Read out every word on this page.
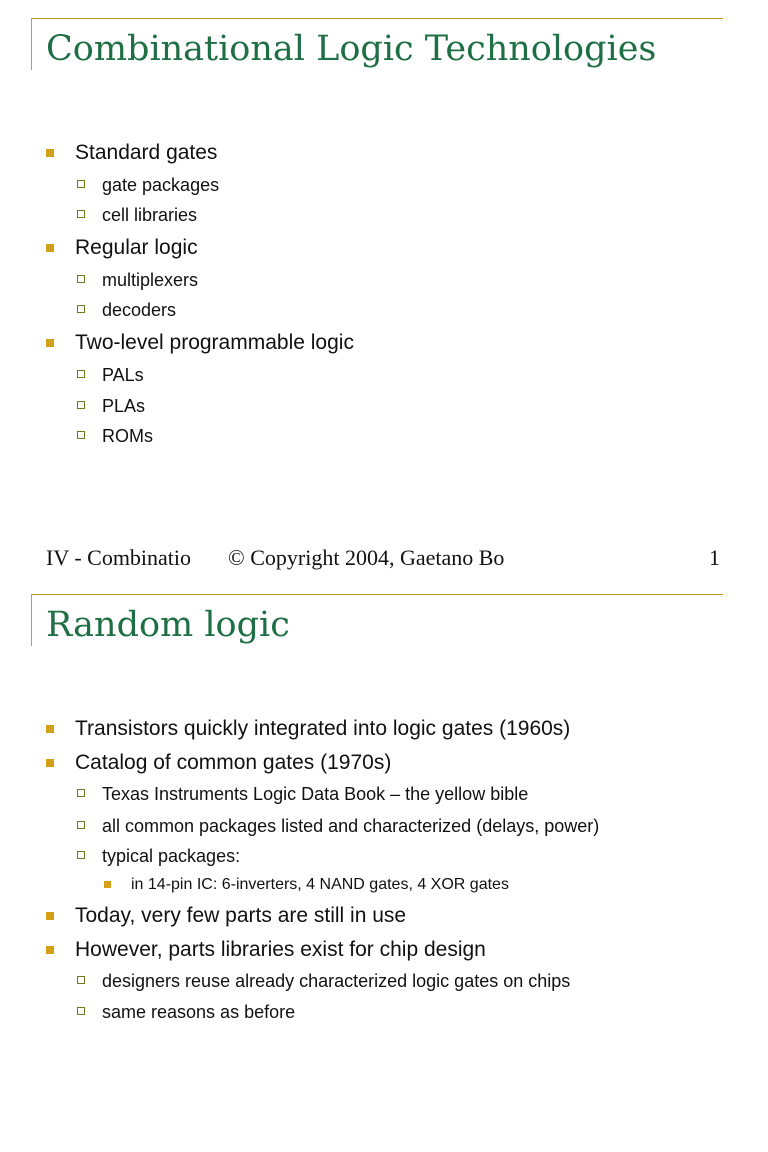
Combinational Logic Technologies
Standard gates
gate packages
cell libraries
Regular logic
multiplexers
decoders
Two-level programmable logic
PALs
PLAs
ROMs
IV - Combinatio © Copyright 2004, Gaetano Bo	1
Random logic
Transistors quickly integrated into logic gates (1960s)
Catalog of common gates (1970s)
Texas Instruments Logic Data Book – the yellow bible
all common packages listed and characterized (delays, power)
typical packages:
in 14-pin IC: 6-inverters, 4 NAND gates, 4 XOR gates
Today, very few parts are still in use
However, parts libraries exist for chip design
designers reuse already characterized logic gates on chips
same reasons as before
